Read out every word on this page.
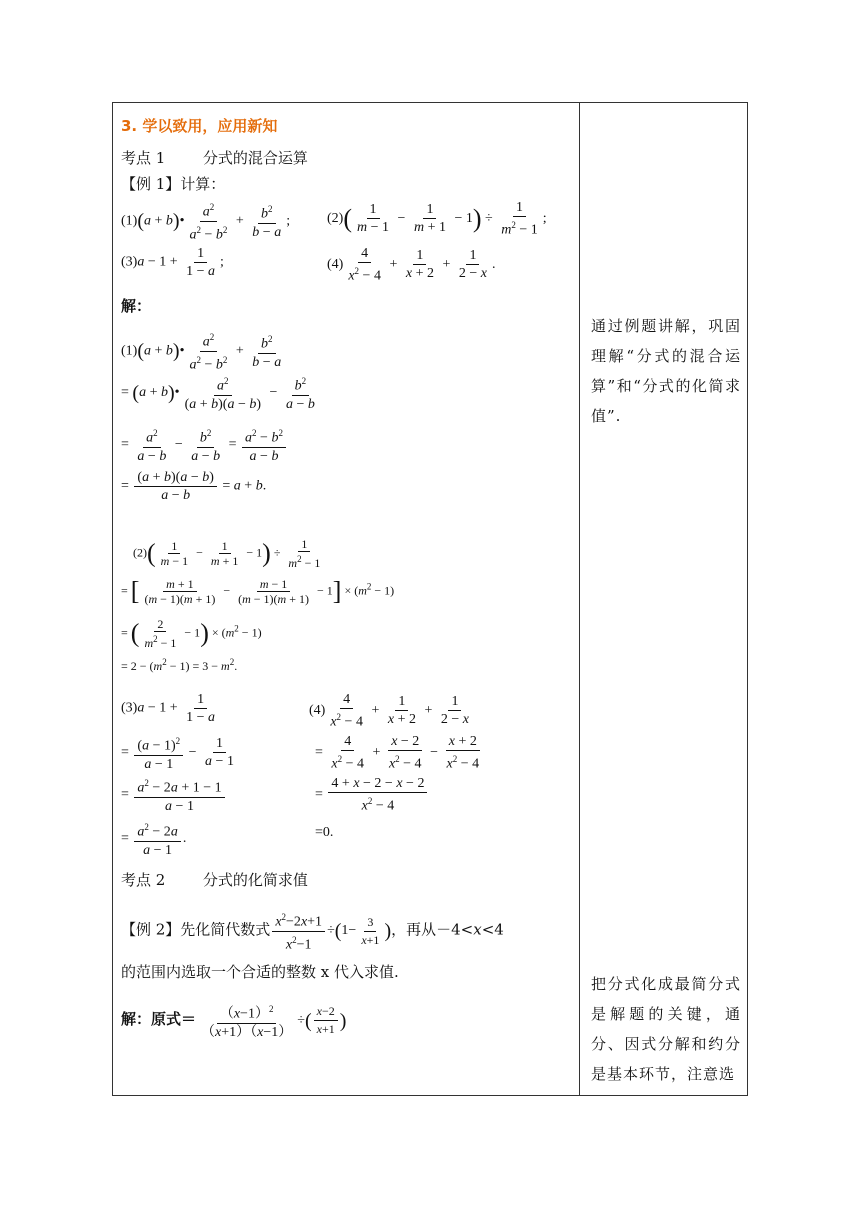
3. 学以致用，应用新知
考点 1	分式的混合运算
【例 1】计算：
(1)(a + b)• $\frac{a^2}{a^2 - b^2} + \frac{b^2}{b - a}$ ;	$(2)( \frac{1}{m - 1} - \frac{1}{m + 1} - 1) \div \frac{1}{m^2 - 1}$ ;
$(3)a - 1 + \frac{1}{1 - a}$ ;	$(4) \frac{4}{x^2 - 4} + \frac{1}{x + 2} + \frac{1}{2 - x}$ .
解：
(1)(a + b)• $\frac{a^2}{a^2 - b^2} + \frac{b^2}{b - a}$
= (a + b)• $\frac{a^2}{(a + b)(a - b)} - \frac{b^2}{a - b}$
= $\frac{a^2}{a - b} - \frac{b^2}{a - b} = \frac{a^2 - b^2}{a - b}$
= $\frac{(a + b)(a - b)}{a - b} = a + b$.
$(2)( \frac{1}{m - 1} - \frac{1}{m + 1} - 1) \div \frac{1}{m^2 - 1}$
= [ $\frac{m + 1}{(m - 1)(m + 1)} - \frac{m - 1}{(m - 1)(m + 1)} - 1] \times (m^2 - 1)$
= ( $\frac{2}{m^2 - 1} - 1) \times (m^2 - 1)$
= $2 - (m^2 - 1) = 3 - m^2$.
$(3)a - 1 + \frac{1}{1 - a}$
= $\frac{(a - 1)^2}{a - 1} - \frac{1}{a - 1}$
= $\frac{a^2 - 2a + 1 - 1}{a - 1}$
= $\frac{a^2 - 2a}{a - 1}$ .
$(4) \frac{4}{x^2 - 4} + \frac{1}{x + 2} + \frac{1}{2 - x}$
= $\frac{4}{x^2 - 4} + \frac{x - 2}{x^2 - 4} - \frac{x + 2}{x^2 - 4}$
= $\frac{4 + x - 2 - x - 2}{x^2 - 4}$
=0.
考点 2	分式的化简求值
【例 2】先化简代数式 $\frac{x^2-2x+1}{x^2-1} \div(1- \frac{3}{x+1}$ )，再从－4<x<4
的范围内选取一个合适的整数 x 代入求值.
解：原式＝ $\frac{(x-1)^2}{(x+1)(x-1)}$ ÷( $\frac{x-2}{x+1}$ )
通过例题讲解，巩固理解“分式的混合运算”和“分式的化简求值”.
把分式化成最简分式是解题的关键，通分、因式分解和约分是基本环节，注意选
